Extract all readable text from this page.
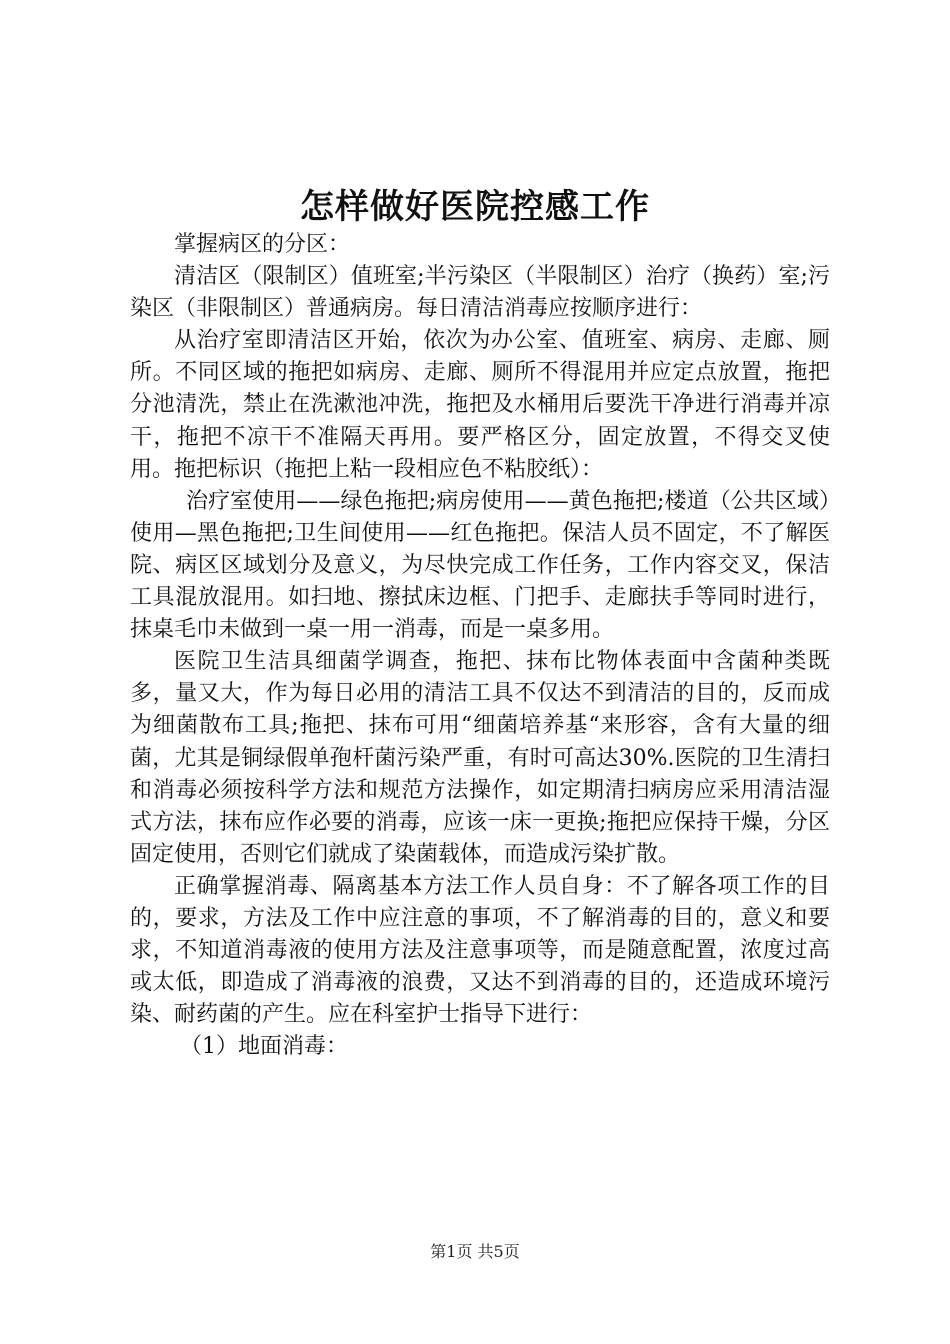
怎样做好医院控感工作

掌握病区的分区：

清洁区（限制区）值班室;半污染区（半限制区）治疗（换药）室;污染区（非限制区）普通病房。每日清洁消毒应按顺序进行：

从治疗室即清洁区开始，依次为办公室、值班室、病房、走廊、厕所。不同区域的拖把如病房、走廊、厕所不得混用并应定点放置，拖把分池清洗，禁止在洗漱池冲洗，拖把及水桶用后要洗干净进行消毒并凉干，拖把不凉干不准隔天再用。要严格区分，固定放置，不得交叉使用。拖把标识（拖把上粘一段相应色不粘胶纸）：

治疗室使用——绿色拖把;病房使用——黄色拖把;楼道（公共区域）使用—黑色拖把;卫生间使用——红色拖把。保洁人员不固定，不了解医院、病区区域划分及意义，为尽快完成工作任务，工作内容交叉，保洁工具混放混用。如扫地、擦拭床边框、门把手、走廊扶手等同时进行，抹桌毛巾未做到一桌一用一消毒，而是一桌多用。

医院卫生洁具细菌学调查，拖把、抹布比物体表面中含菌种类既多，量又大，作为每日必用的清洁工具不仅达不到清洁的目的，反而成为细菌散布工具;拖把、抹布可用“细菌培养基“来形容，含有大量的细菌，尤其是铜绿假单孢杆菌污染严重，有时可高达30%.医院的卫生清扫和消毒必须按科学方法和规范方法操作，如定期清扫病房应采用清洁湿式方法，抹布应作必要的消毒，应该一床一更换;拖把应保持干燥，分区固定使用，否则它们就成了染菌载体，而造成污染扩散。

正确掌握消毒、隔离基本方法工作人员自身：不了解各项工作的目的，要求，方法及工作中应注意的事项，不了解消毒的目的，意义和要求，不知道消毒液的使用方法及注意事项等，而是随意配置，浓度过高或太低，即造成了消毒液的浪费，又达不到消毒的目的，还造成环境污染、耐药菌的产生。应在科室护士指导下进行：

（1）地面消毒：

第1页 共5页
